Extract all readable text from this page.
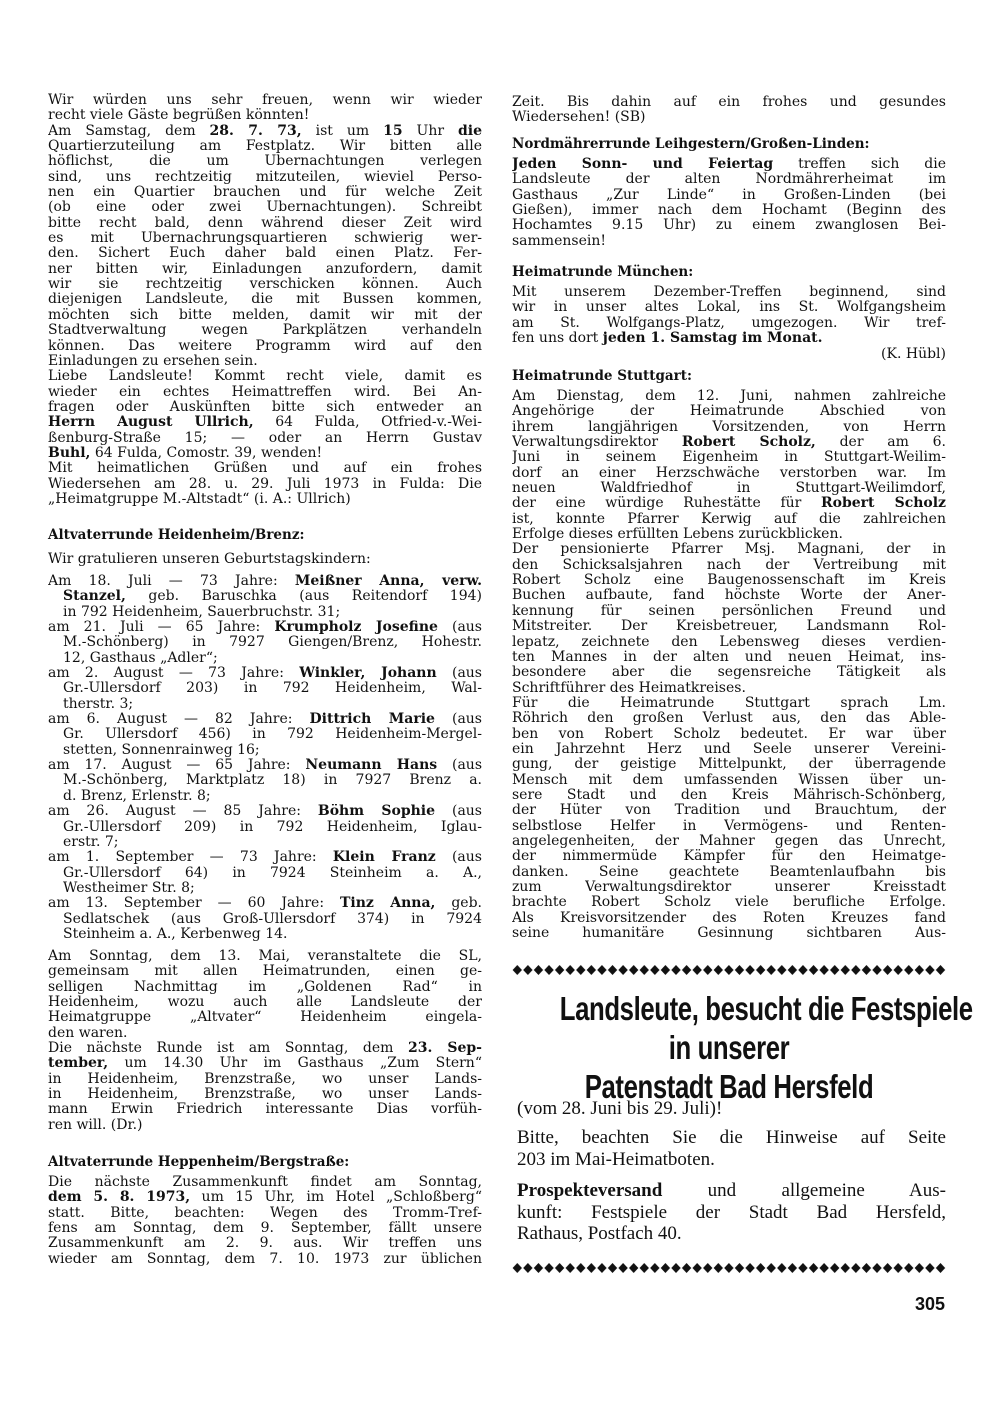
Wir würden uns sehr freuen, wenn wir wieder
recht viele Gäste begrüßen könnten!
Am Samstag, dem 28. 7. 73, ist um 15 Uhr die
Quartierzuteilung am Festplatz. Wir bitten alle
höflichst, die um Übernachtungen verlegen
sind, uns rechtzeitig mitzuteilen, wieviel Perso-
nen ein Quartier brauchen und für welche Zeit
(ob eine oder zwei Übernachtungen). Schreibt
bitte recht bald, denn während dieser Zeit wird
es mit Übernachrungsquartieren schwierig wer-
den. Sichert Euch daher bald einen Platz. Fer-
ner bitten wir, Einladungen anzufordern, damit
wir sie rechtzeitig verschicken können. Auch
diejenigen Landsleute, die mit Bussen kommen,
möchten sich bitte melden, damit wir mit der
Stadtverwaltung wegen Parkplätzen verhandeln
können. Das weitere Programm wird auf den
Einladungen zu ersehen sein.
Liebe Landsleute! Kommt recht viele, damit es
wieder ein echtes Heimattreffen wird. Bei An-
fragen oder Auskünften bitte sich entweder an
Herrn August Ullrich, 64 Fulda, Otfried-v.-Wei-
ßenburg-Straße 15; — oder an Herrn Gustav
Buhl, 64 Fulda, Comostr. 39, wenden!
Mit heimatlichen Grüßen und auf ein frohes
Wiedersehen am 28. u. 29. Juli 1973 in Fulda: Die
„Heimatgruppe M.-Altstadt“ (i. A.: Ullrich)
Altvaterrunde Heidenheim/Brenz:
Wir gratulieren unseren Geburtstagskindern:
Am 18. Juli — 73 Jahre: Meißner Anna, verw.
Stanzel, geb. Baruschka (aus Reitendorf 194)
in 792 Heidenheim, Sauerbruchstr. 31;
am 21. Juli — 65 Jahre: Krumpholz Josefine (aus
M.-Schönberg) in 7927 Giengen/Brenz, Hohestr.
12, Gasthaus „Adler“;
am 2. August — 73 Jahre: Winkler, Johann (aus
Gr.-Ullersdorf 203) in 792 Heidenheim, Wal-
therstr. 3;
am 6. August — 82 Jahre: Dittrich Marie (aus
Gr. Ullersdorf 456) in 792 Heidenheim-Mergel-
stetten, Sonnenrainweg 16;
am 17. August — 65 Jahre: Neumann Hans (aus
M.-Schönberg, Marktplatz 18) in 7927 Brenz a.
d. Brenz, Erlenstr. 8;
am 26. August — 85 Jahre: Böhm Sophie (aus
Gr.-Ullersdorf 209) in 792 Heidenheim, Iglau-
erstr. 7;
am 1. September — 73 Jahre: Klein Franz (aus
Gr.-Ullersdorf 64) in 7924 Steinheim a. A.,
Westheimer Str. 8;
am 13. September — 60 Jahre: Tinz Anna, geb.
Sedlatschek (aus Groß-Ullersdorf 374) in 7924
Steinheim a. A., Kerbenweg 14.
Am Sonntag, dem 13. Mai, veranstaltete die SL,
gemeinsam mit allen Heimatrunden, einen ge-
selligen Nachmittag im „Goldenen Rad“ in
Heidenheim, wozu auch alle Landsleute der
Heimatgruppe „Altvater“ Heidenheim eingela-
den waren.
Die nächste Runde ist am Sonntag, dem 23. Sep-
tember, um 14.30 Uhr im Gasthaus „Zum Stern“
in Heidenheim, Brenzstraße, wo unser Lands-
in Heidenheim, Brenzstraße, wo unser Lands-
mann Erwin Friedrich interessante Dias vorfüh-
ren will. (Dr.)
Altvaterrunde Heppenheim/Bergstraße:
Die nächste Zusammenkunft findet am Sonntag,
dem 5. 8. 1973, um 15 Uhr, im Hotel „Schloßberg“
statt. Bitte, beachten: Wegen des Tromm-Tref-
fens am Sonntag, dem 9. September, fällt unsere
Zusammenkunft am 2. 9. aus. Wir treffen uns
wieder am Sonntag, dem 7. 10. 1973 zur üblichen
Zeit. Bis dahin auf ein frohes und gesundes
Wiedersehen! (SB)
Nordmährerrunde Leihgestern/Großen-Linden:
Jeden Sonn- und Feiertag treffen sich die
Landsleute der alten Nordmährerheimat im
Gasthaus „Zur Linde“ in Großen-Linden (bei
Gießen), immer nach dem Hochamt (Beginn des
Hochamtes 9.15 Uhr) zu einem zwanglosen Bei-
sammensein!
Heimatrunde München:
Mit unserem Dezember-Treffen beginnend, sind
wir in unser altes Lokal, ins St. Wolfgangsheim
am St. Wolfgangs-Platz, umgezogen. Wir tref-
fen uns dort jeden 1. Samstag im Monat.
(K. Hübl)
Heimatrunde Stuttgart:
Am Dienstag, dem 12. Juni, nahmen zahlreiche
Angehörige der Heimatrunde Abschied von
ihrem langjährigen Vorsitzenden, von Herrn
Verwaltungsdirektor Robert Scholz, der am 6.
Juni in seinem Eigenheim in Stuttgart-Weilim-
dorf an einer Herzschwäche verstorben war. Im
neuen Waldfriedhof in Stuttgart-Weilimdorf,
der eine würdige Ruhestätte für Robert Scholz
ist, konnte Pfarrer Kerwig auf die zahlreichen
Erfolge dieses erfüllten Lebens zurückblicken.
Der pensionierte Pfarrer Msj. Magnani, der in
den Schicksalsjahren nach der Vertreibung mit
Robert Scholz eine Baugenossenschaft im Kreis
Buchen aufbaute, fand höchste Worte der Aner-
kennung für seinen persönlichen Freund und
Mitstreiter. Der Kreisbetreuer, Landsmann Rol-
lepatz, zeichnete den Lebensweg dieses verdien-
ten Mannes in der alten und neuen Heimat, ins-
besondere aber die segensreiche Tätigkeit als
Schriftführer des Heimatkreises.
Für die Heimatrunde Stuttgart sprach Lm.
Röhrich den großen Verlust aus, den das Able-
ben von Robert Scholz bedeutet. Er war über
ein Jahrzehnt Herz und Seele unserer Vereini-
gung, der geistige Mittelpunkt, der überragende
Mensch mit dem umfassenden Wissen über un-
sere Stadt und den Kreis Mährisch-Schönberg,
der Hüter von Tradition und Brauchtum, der
selbstlose Helfer in Vermögens- und Renten-
angelegenheiten, der Mahner gegen das Unrecht,
der nimmermüde Kämpfer für den Heimatge-
danken. Seine geachtete Beamtenlaufbahn bis
zum Verwaltungsdirektor unserer Kreisstadt
brachte Robert Scholz viele berufliche Erfolge.
Als Kreisvorsitzender des Roten Kreuzes fand
seine humanitäre Gesinnung sichtbaren Aus-
Landsleute, besucht die Festspiele
in unserer
Patenstadt Bad Hersfeld
(vom 28. Juni bis 29. Juli)!
Bitte, beachten Sie die Hinweise auf Seite
203 im Mai-Heimatboten.
Prospekteversand und allgemeine Aus-
kunft: Festspiele der Stadt Bad Hersfeld,
Rathaus, Postfach 40.
305
